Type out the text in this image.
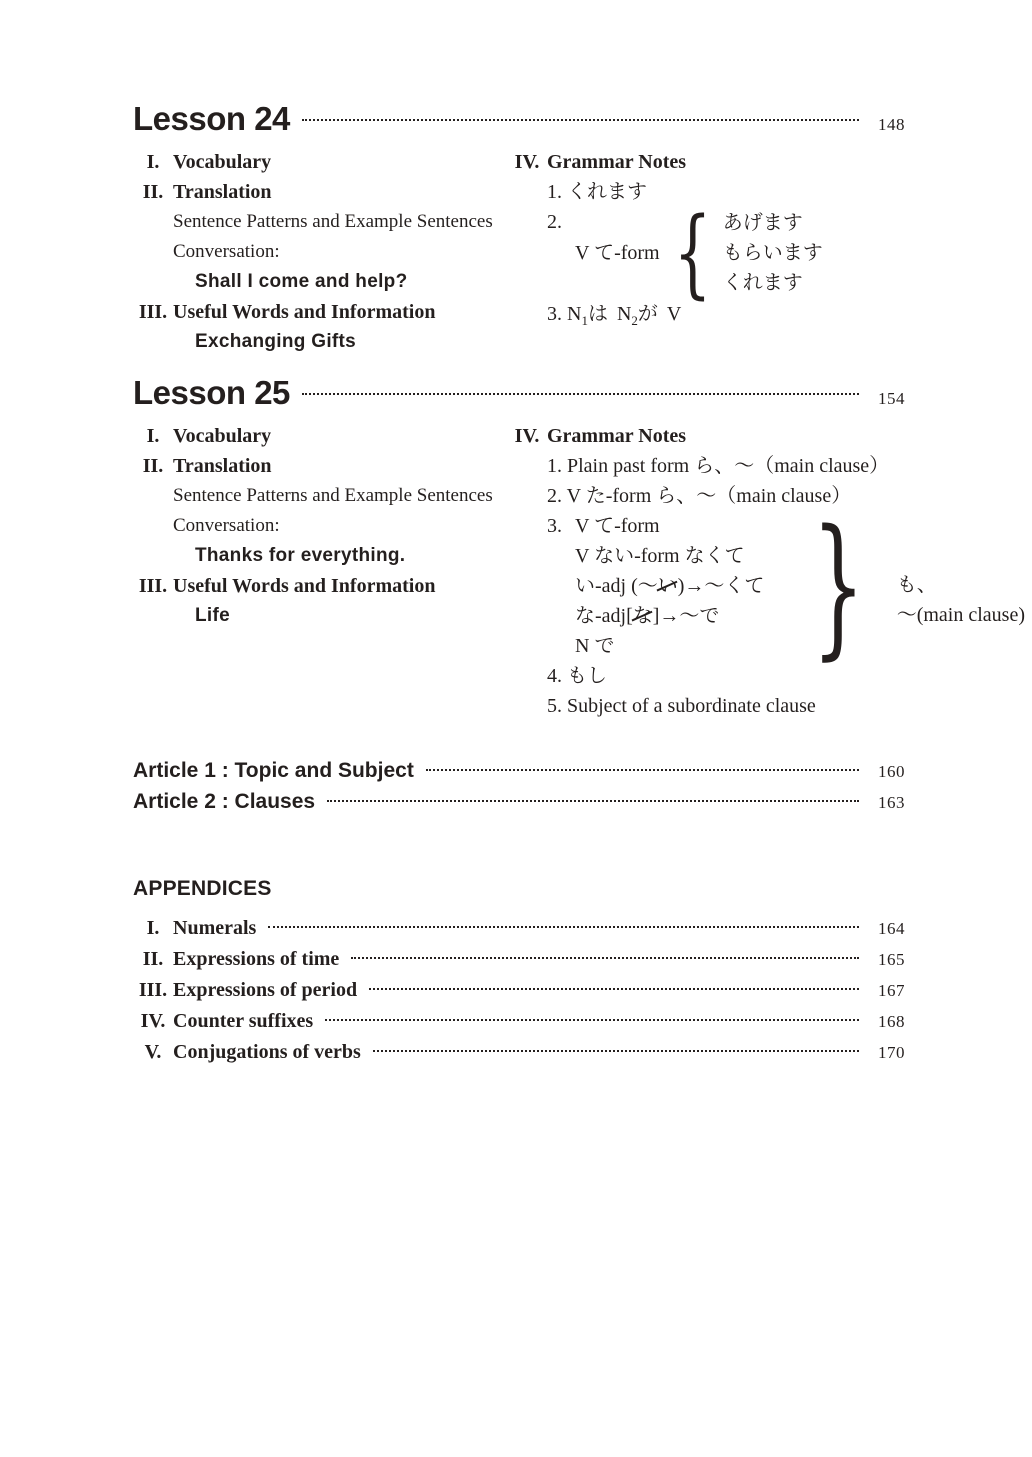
Lesson 24	148
I. Vocabulary
II. Translation
Sentence Patterns and Example Sentences
Conversation:
Shall I come and help?
III. Useful Words and Information
Exchanging Gifts
IV. Grammar Notes
1. くれます
2.
V て-form { あげます
もらいます
くれます
3. $N_1$は $N_2$が V
Lesson 25	154
I. Vocabulary
II. Translation
Sentence Patterns and Example Sentences
Conversation:
Thanks for everything.
III. Useful Words and Information
Life
IV. Grammar Notes
1. Plain past form ら、～（main clause）
2. V た-form ら、～（main clause）
3. V て-form
V ない-form なくて
い-adj (～い)→～くて
な-adj[な]→～で
N で	} も、
～(main clause)
4. もし
5. Subject of a subordinate clause
Article 1 : Topic and Subject	160
Article 2 : Clauses	163
APPENDICES
I. Numerals	164
II. Expressions of time	165
III. Expressions of period	167
IV. Counter suffixes	168
V. Conjugations of verbs	170
